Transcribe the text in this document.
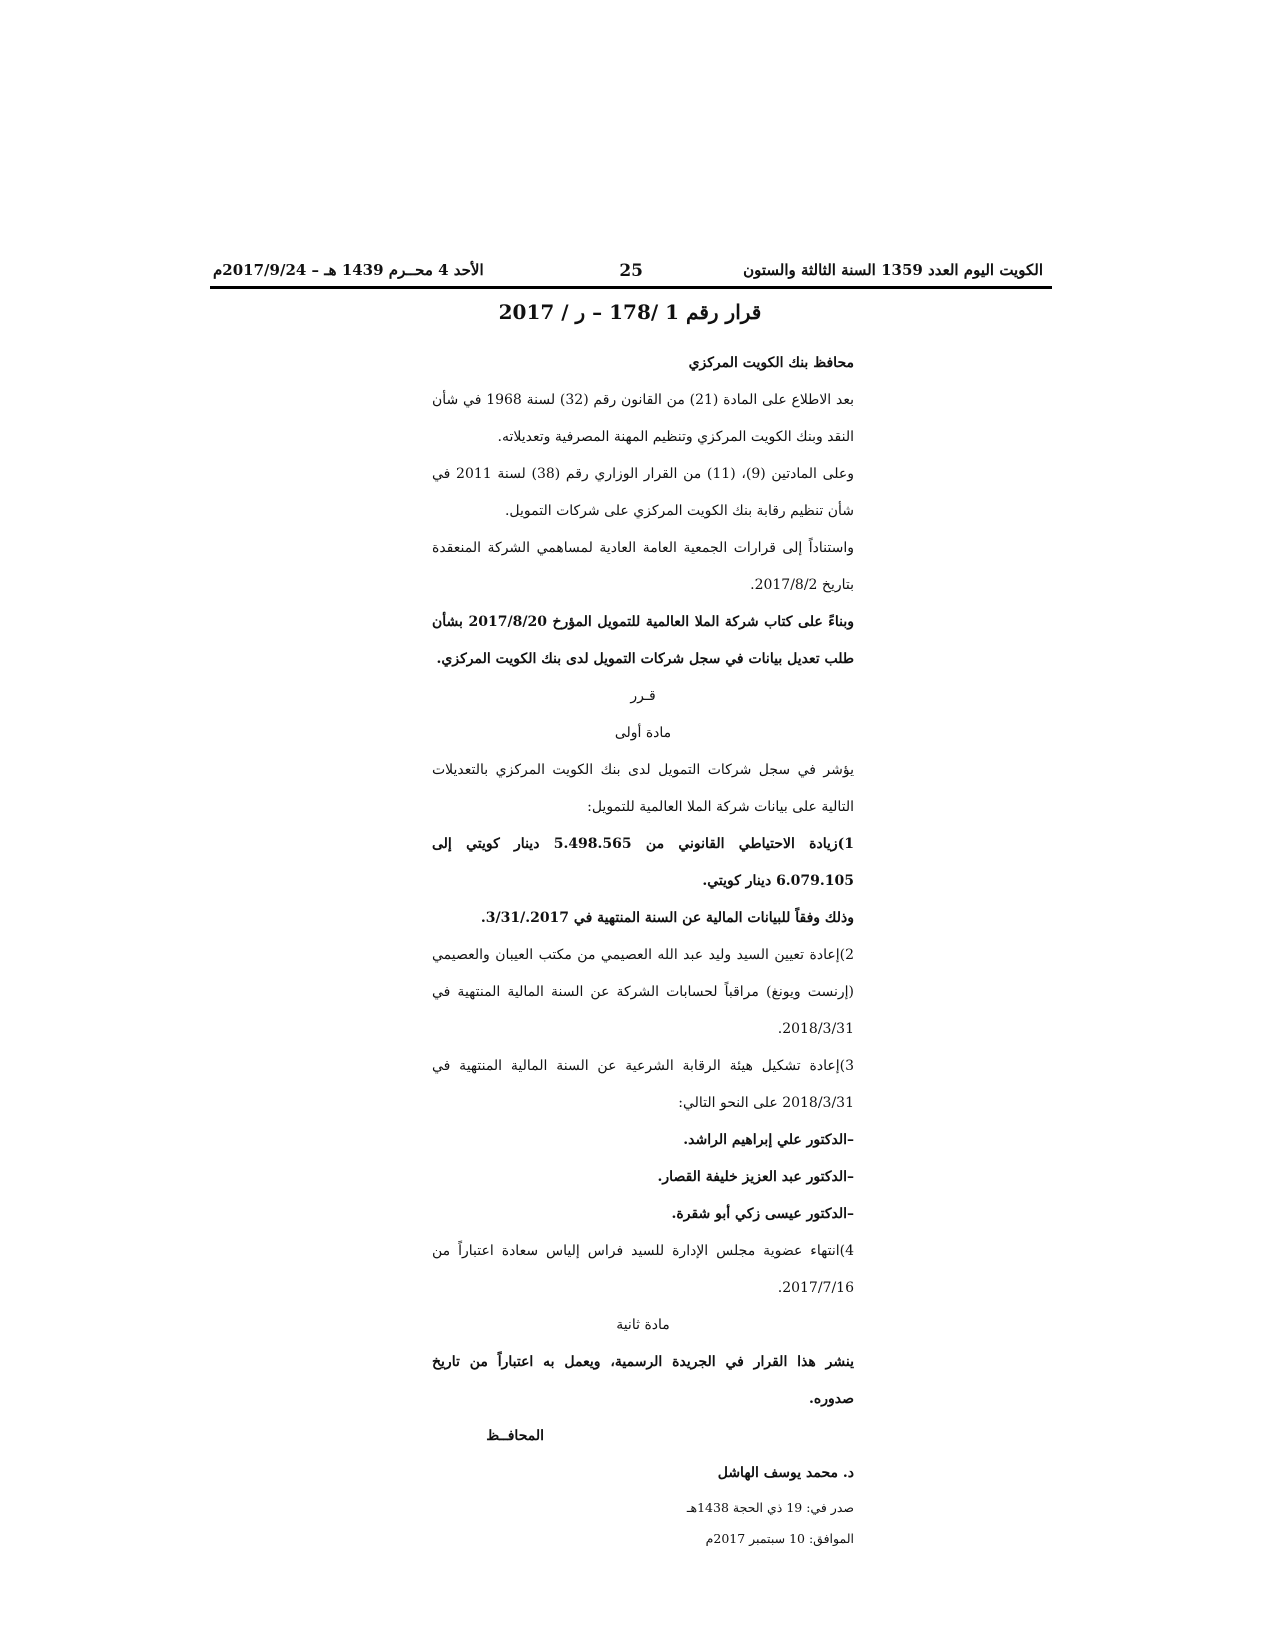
الكويت اليوم العدد 1359 السنة الثالثة والستون
25
الأحد 4 محــرم 1439 هـ – 2017/9/24م
قرار رقم 1 /178 – ر / 2017

محافظ بنك الكويت المركزي

بعد الاطلاع على المادة (21) من القانون رقم (32) لسنة 1968 في شأن النقد وبنك الكويت المركزي وتنظيم المهنة المصرفية وتعديلاته.

وعلى المادتين (9)، (11) من القرار الوزاري رقم (38) لسنة 2011 في شأن تنظيم رقابة بنك الكويت المركزي على شركات التمويل.

واستناداً إلى قرارات الجمعية العامة العادية لمساهمي الشركة المنعقدة بتاريخ 2017/8/2.

وبناءً على كتاب شركة الملا العالمية للتمويل المؤرخ 2017/8/20 بشأن طلب تعديل بيانات في سجل شركات التمويل لدى بنك الكويت المركزي.

قـرر

مادة أولى

يؤشر في سجل شركات التمويل لدى بنك الكويت المركزي بالتعديلات التالية على بيانات شركة الملا العالمية للتمويل:

1)زيادة الاحتياطي القانوني من 5.498.565 دينار كويتي إلى 6.079.105 دينار كويتي.

وذلك وفقاً للبيانات المالية عن السنة المنتهية في 2017./3/31.

2)إعادة تعيين السيد وليد عبد الله العصيمي من مكتب العيبان والعصيمي (إرنست ويونغ) مراقباً لحسابات الشركة عن السنة المالية المنتهية في 2018/3/31.

3)إعادة تشكيل هيئة الرقابة الشرعية عن السنة المالية المنتهية في 2018/3/31 على النحو التالي:

–الدكتور علي إبراهيم الراشد.

–الدكتور عبد العزيز خليفة القصار.

–الدكتور عيسى زكي أبو شقرة.

4)انتهاء عضوية مجلس الإدارة للسيد فراس إلياس سعادة اعتباراً من 2017/7/16.

مادة ثانية

ينشر هذا القرار في الجريدة الرسمية، ويعمل به اعتباراً من تاريخ صدوره.

المحافــظ

د. محمد يوسف الهاشل

صدر في: 19 ذي الحجة 1438هـ

الموافق: 10 سبتمبر 2017م
